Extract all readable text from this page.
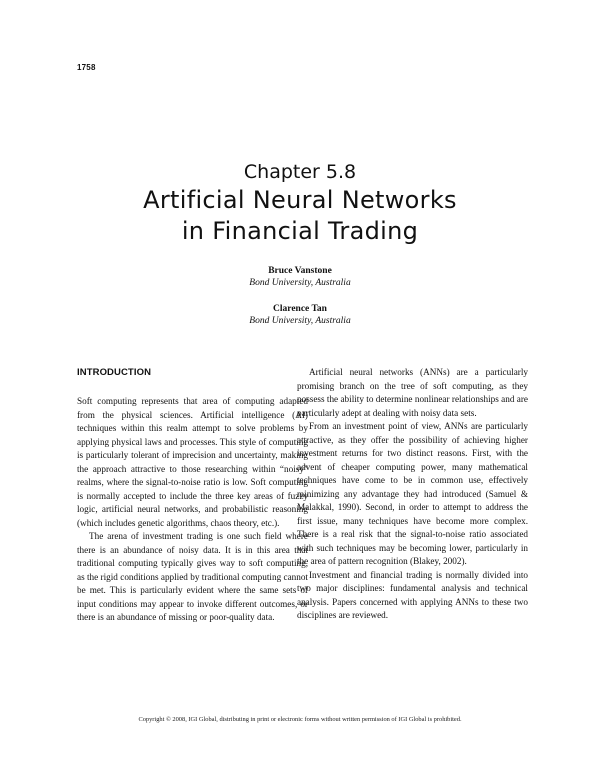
1758
Chapter 5.8
Artificial Neural Networks
in Financial Trading
Bruce Vanstone
Bond University, Australia
Clarence Tan
Bond University, Australia
INTRODUCTION

Soft computing represents that area of computing adapted from the physical sciences. Artificial intelligence (AI) techniques within this realm attempt to solve problems by applying physical laws and processes. This style of computing is particularly tolerant of imprecision and uncertainty, making the approach attractive to those researching within “noisy” realms, where the signal-to-noise ratio is low. Soft computing is normally accepted to include the three key areas of fuzzy logic, artificial neural networks, and probabilistic reasoning (which includes genetic algorithms, chaos theory, etc.).

The arena of investment trading is one such field where there is an abundance of noisy data. It is in this area that traditional computing typically gives way to soft computing, as the rigid conditions applied by traditional computing cannot be met. This is particularly evident where the same sets of input conditions may appear to invoke different outcomes, or there is an abundance of missing or poor-quality data.

Artificial neural networks (ANNs) are a particularly promising branch on the tree of soft computing, as they possess the ability to determine nonlinear relationships and are particularly adept at dealing with noisy data sets.

From an investment point of view, ANNs are particularly attractive, as they offer the possibility of achieving higher investment returns for two distinct reasons. First, with the advent of cheaper computing power, many mathematical techniques have come to be in common use, effectively minimizing any advantage they had introduced (Samuel & Malakkal, 1990). Second, in order to attempt to address the first issue, many techniques have become more complex. There is a real risk that the signal-to-noise ratio associated with such techniques may be becoming lower, particularly in the area of pattern recognition (Blakey, 2002).

Investment and financial trading is normally divided into two major disciplines: fundamental analysis and technical analysis. Papers concerned with applying ANNs to these two disciplines are reviewed.

Copyright © 2008, IGI Global, distributing in print or electronic forms without written permission of IGI Global is prohibited.
